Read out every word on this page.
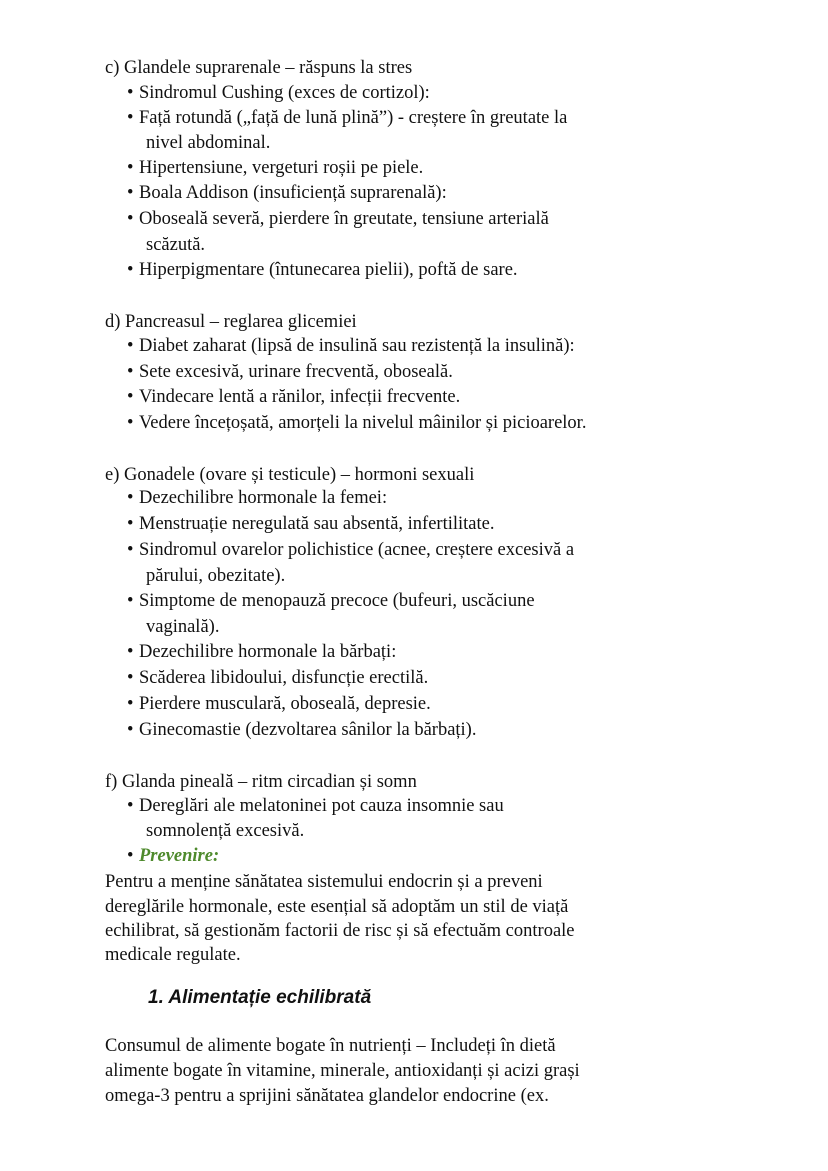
c) Glandele suprarenale – răspuns la stres
• Sindromul Cushing (exces de cortizol):
• Față rotundă („față de lună plină”) - creștere în greutate la
nivel abdominal.
• Hipertensiune, vergeturi roșii pe piele.
• Boala Addison (insuficiență suprarenală):
• Oboseală severă, pierdere în greutate, tensiune arterială
scăzută.
• Hiperpigmentare (întunecarea pielii), poftă de sare.
d) Pancreasul – reglarea glicemiei
• Diabet zaharat (lipsă de insulină sau rezistență la insulină):
• Sete excesivă, urinare frecventă, oboseală.
• Vindecare lentă a rănilor, infecții frecvente.
• Vedere încețoșată, amorțeli la nivelul mâinilor și picioarelor.
e) Gonadele (ovare și testicule) – hormoni sexuali
• Dezechilibre hormonale la femei:
• Menstruație neregulată sau absentă, infertilitate.
• Sindromul ovarelor polichistice (acnee, creștere excesivă a
părului, obezitate).
• Simptome de menopauză precoce (bufeuri, uscăciune
vaginală).
• Dezechilibre hormonale la bărbați:
• Scăderea libidoului, disfuncție erectilă.
• Pierdere musculară, oboseală, depresie.
• Ginecomastie (dezvoltarea sânilor la bărbați).
f) Glanda pineală – ritm circadian și somn
• Dereglări ale melatoninei pot cauza insomnie sau
somnolență excesivă.
• Prevenire:
Pentru a menține sănătatea sistemului endocrin și a preveni
dereglările hormonale, este esențial să adoptăm un stil de viață
echilibrat, să gestionăm factorii de risc și să efectuăm controale
medicale regulate.
1. Alimentație echilibrată
Consumul de alimente bogate în nutrienți – Includeți în dietă
alimente bogate în vitamine, minerale, antioxidanți și acizi grași
omega-3 pentru a sprijini sănătatea glandelor endocrine (ex.
